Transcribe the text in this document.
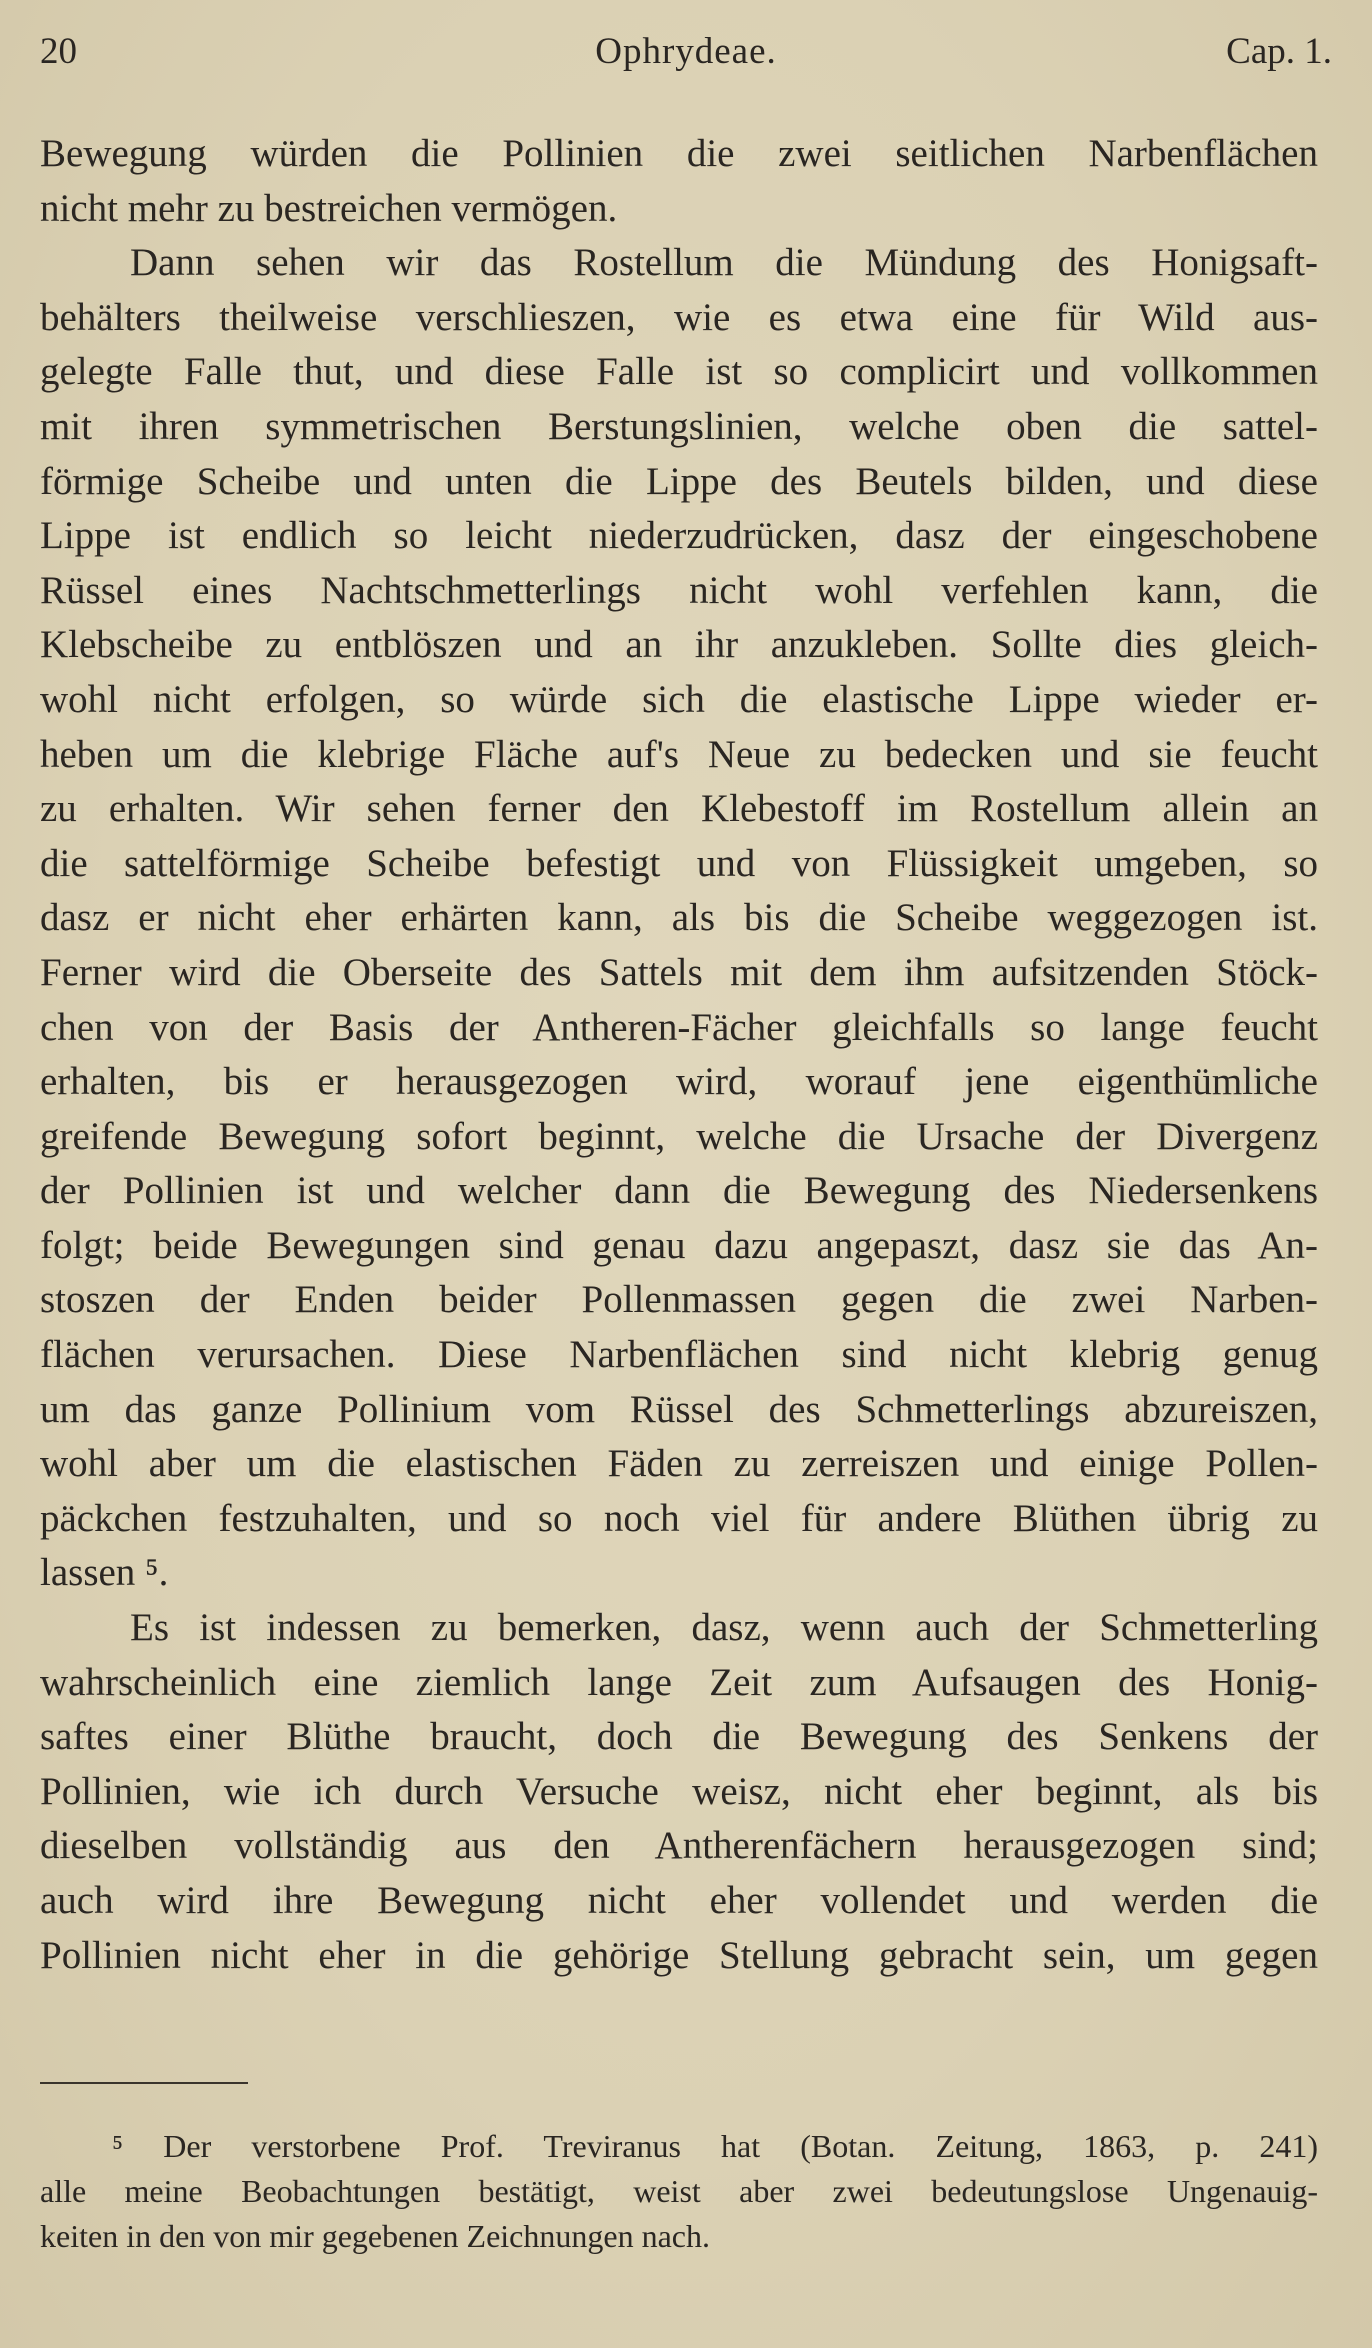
20	Ophrydeae.	Cap. 1.
Bewegung würden die Pollinien die zwei seitlichen Narbenflächen
nicht mehr zu bestreichen vermögen.
Dann sehen wir das Rostellum die Mündung des Honigsaft-
behälters theilweise verschlieszen, wie es etwa eine für Wild aus-
gelegte Falle thut, und diese Falle ist so complicirt und vollkommen
mit ihren symmetrischen Berstungslinien, welche oben die sattel-
förmige Scheibe und unten die Lippe des Beutels bilden, und diese
Lippe ist endlich so leicht niederzudrücken, dasz der eingeschobene
Rüssel eines Nachtschmetterlings nicht wohl verfehlen kann, die
Klebscheibe zu entblöszen und an ihr anzukleben. Sollte dies gleich-
wohl nicht erfolgen, so würde sich die elastische Lippe wieder er-
heben um die klebrige Fläche auf's Neue zu bedecken und sie feucht
zu erhalten. Wir sehen ferner den Klebestoff im Rostellum allein an
die sattelförmige Scheibe befestigt und von Flüssigkeit umgeben, so
dasz er nicht eher erhärten kann, als bis die Scheibe weggezogen ist.
Ferner wird die Oberseite des Sattels mit dem ihm aufsitzenden Stöck-
chen von der Basis der Antheren-Fächer gleichfalls so lange feucht
erhalten, bis er herausgezogen wird, worauf jene eigenthümliche
greifende Bewegung sofort beginnt, welche die Ursache der Divergenz
der Pollinien ist und welcher dann die Bewegung des Niedersenkens
folgt; beide Bewegungen sind genau dazu angepaszt, dasz sie das An-
stoszen der Enden beider Pollenmassen gegen die zwei Narben-
flächen verursachen. Diese Narbenflächen sind nicht klebrig genug
um das ganze Pollinium vom Rüssel des Schmetterlings abzureiszen,
wohl aber um die elastischen Fäden zu zerreiszen und einige Pollen-
päckchen festzuhalten, und so noch viel für andere Blüthen übrig zu
lassen ⁵.
Es ist indessen zu bemerken, dasz, wenn auch der Schmetterling
wahrscheinlich eine ziemlich lange Zeit zum Aufsaugen des Honig-
saftes einer Blüthe braucht, doch die Bewegung des Senkens der
Pollinien, wie ich durch Versuche weisz, nicht eher beginnt, als bis
dieselben vollständig aus den Antherenfächern herausgezogen sind;
auch wird ihre Bewegung nicht eher vollendet und werden die
Pollinien nicht eher in die gehörige Stellung gebracht sein, um gegen
⁵ Der verstorbene Prof. Treviranus hat (Botan. Zeitung, 1863, p. 241)
alle meine Beobachtungen bestätigt, weist aber zwei bedeutungslose Ungenauig-
keiten in den von mir gegebenen Zeichnungen nach.
